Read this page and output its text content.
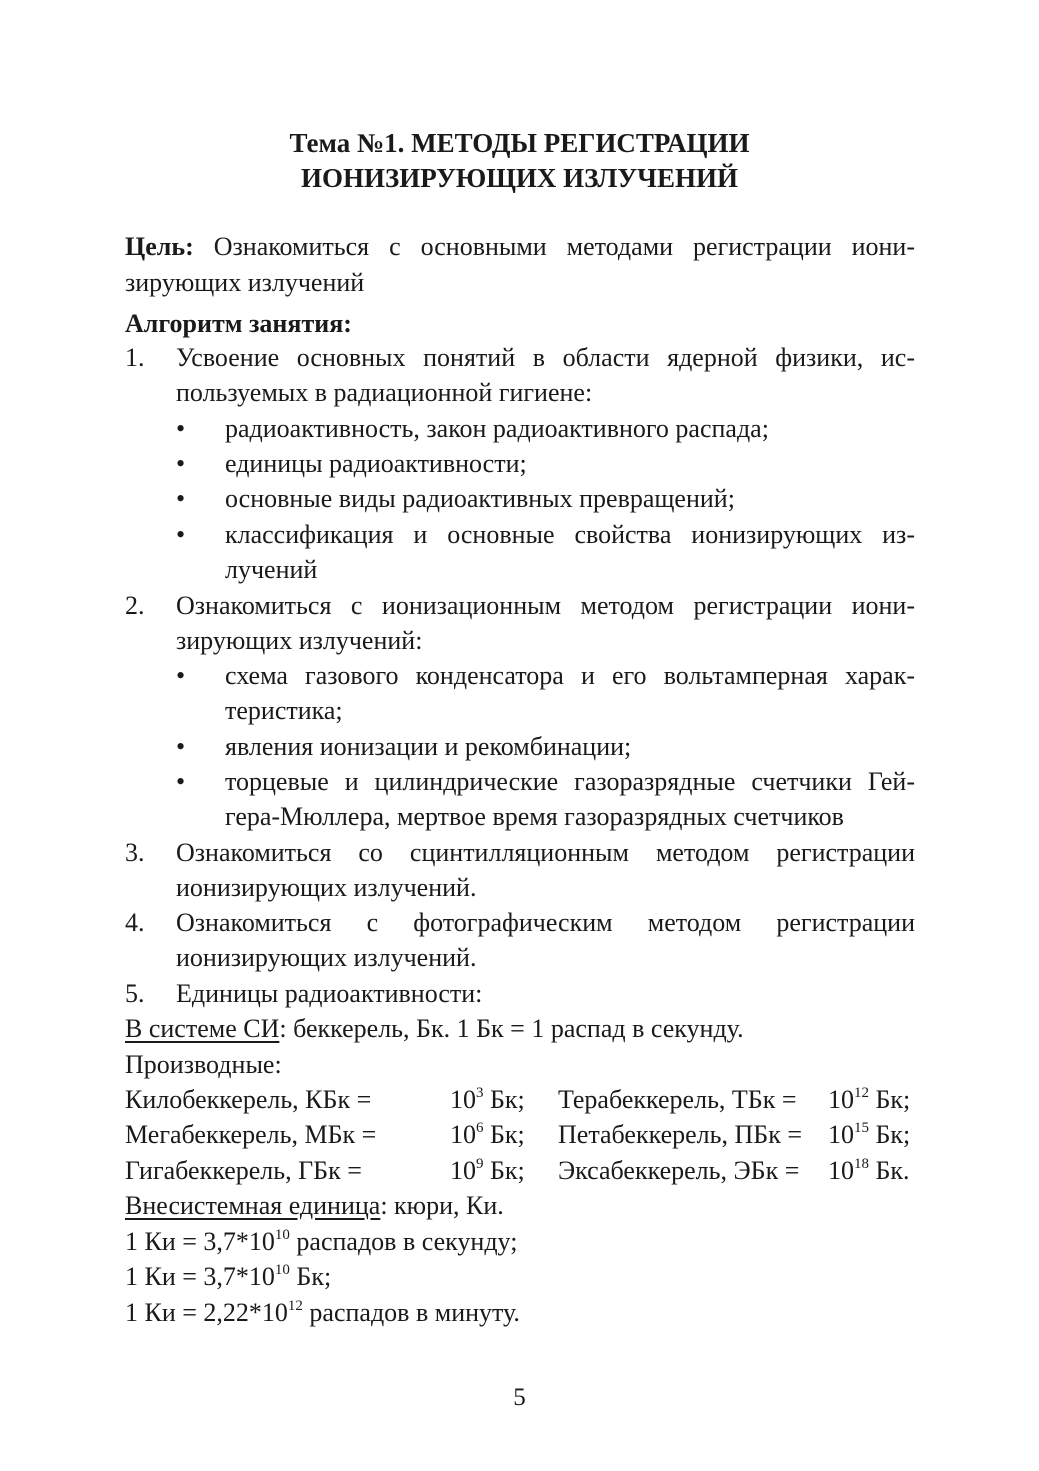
Тема №1. МЕТОДЫ РЕГИСТРАЦИИ
ИОНИЗИРУЮЩИХ ИЗЛУЧЕНИЙ
Цель: Ознакомиться с основными методами регистрации иони-
зирующих излучений
Алгоритм занятия:
1. Усвоение основных понятий в области ядерной физики, ис-
пользуемых в радиационной гигиене:
• радиоактивность, закон радиоактивного распада;
• единицы радиоактивности;
• основные виды радиоактивных превращений;
• классификация и основные свойства ионизирующих из-
лучений
2. Ознакомиться с ионизационным методом регистрации иони-
зирующих излучений:
• схема газового конденсатора и его вольтамперная харак-
теристика;
• явления ионизации и рекомбинации;
• торцевые и цилиндрические газоразрядные счетчики Гей-
гера-Мюллера, мертвое время газоразрядных счетчиков
3. Ознакомиться со сцинтилляционным методом регистрации
ионизирующих излучений.
4. Ознакомиться с фотографическим методом регистрации
ионизирующих излучений.
5. Единицы радиоактивности:
В системе СИ: беккерель, Бк. 1 Бк = 1 распад в секунду.
Производные:
Килобеккерель, КБк =	$10^3$ Бк; Терабеккерель, ТБк = $10^{12}$ Бк;
Мегабеккерель, МБк =	$10^6$ Бк; Петабеккерель, ПБк = $10^{15}$ Бк;
Гигабеккерель, ГБк =	$10^9$ Бк; Эксабеккерель, ЭБк = $10^{18}$ Бк.
Внесистемная единица: кюри, Ки.
1 Ки = $3,7*10^{10}$ распадов в секунду;
1 Ки = $3,7*10^{10}$ Бк;
1 Ки = $2,22*10^{12}$ распадов в минуту.
5
